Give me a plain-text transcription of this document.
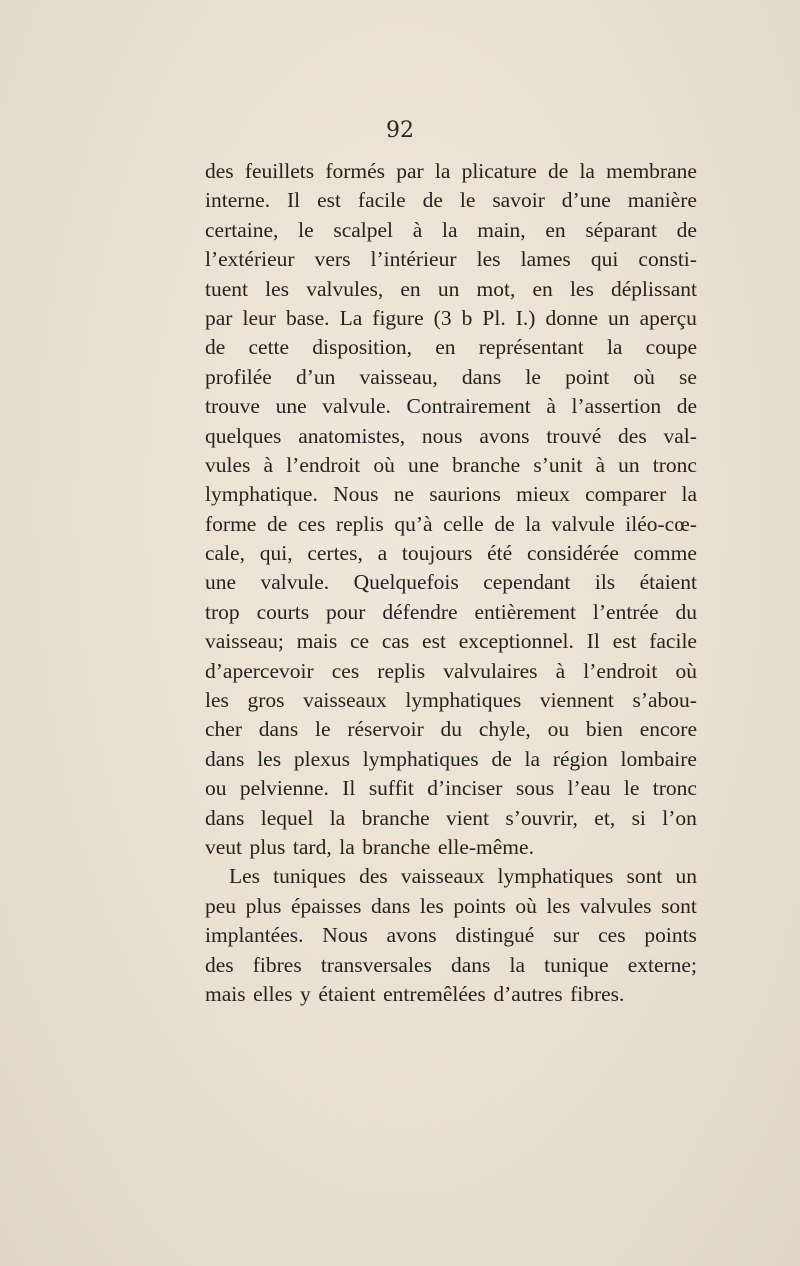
92
des feuillets formés par la plicature de la membrane
interne. Il est facile de le savoir d’une manière
certaine, le scalpel à la main, en séparant de
l’extérieur vers l’intérieur les lames qui consti-
tuent les valvules, en un mot, en les déplissant
par leur base. La figure (3 b Pl. I.) donne un aperçu
de cette disposition, en représentant la coupe
profilée d’un vaisseau, dans le point où se
trouve une valvule. Contrairement à l’assertion de
quelques anatomistes, nous avons trouvé des val-
vules à l’endroit où une branche s’unit à un tronc
lymphatique. Nous ne saurions mieux comparer la
forme de ces replis qu’à celle de la valvule iléo-cœ-
cale, qui, certes, a toujours été considérée comme
une valvule. Quelquefois cependant ils étaient
trop courts pour défendre entièrement l’entrée du
vaisseau; mais ce cas est exceptionnel. Il est facile
d’apercevoir ces replis valvulaires à l’endroit où
les gros vaisseaux lymphatiques viennent s’abou-
cher dans le réservoir du chyle, ou bien encore
dans les plexus lymphatiques de la région lombaire
ou pelvienne. Il suffit d’inciser sous l’eau le tronc
dans lequel la branche vient s’ouvrir, et, si l’on
veut plus tard, la branche elle-même.
Les tuniques des vaisseaux lymphatiques sont un
peu plus épaisses dans les points où les valvules sont
implantées. Nous avons distingué sur ces points
des fibres transversales dans la tunique externe;
mais elles y étaient entremêlées d’autres fibres.
